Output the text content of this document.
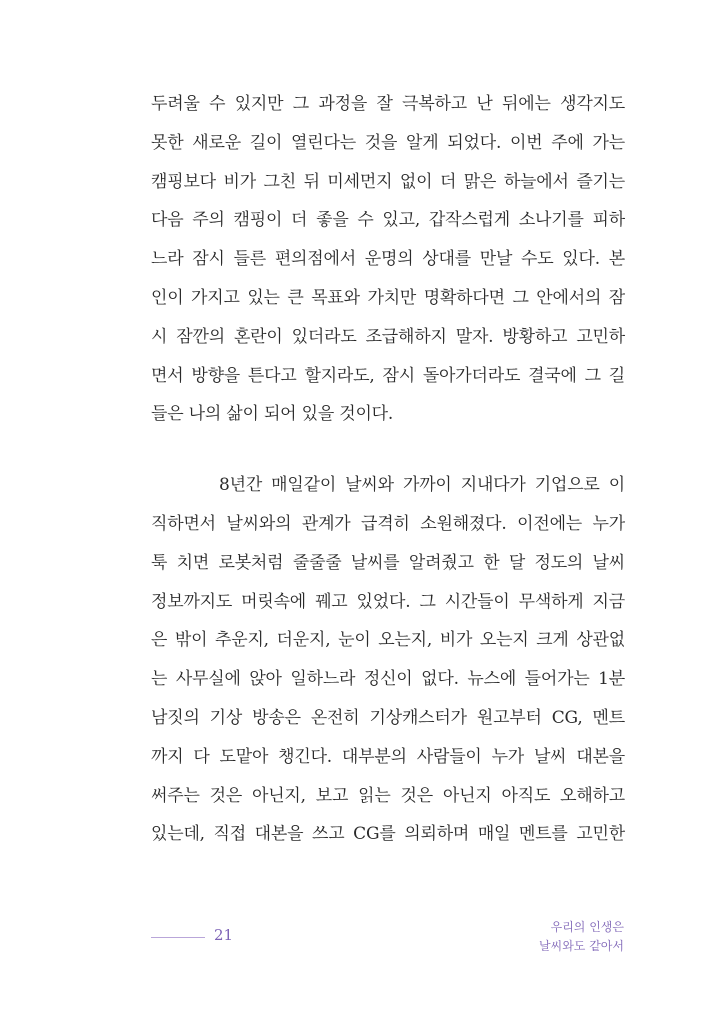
두려울 수 있지만 그 과정을 잘 극복하고 난 뒤에는 생각지도
못한 새로운 길이 열린다는 것을 알게 되었다. 이번 주에 가는
캠핑보다 비가 그친 뒤 미세먼지 없이 더 맑은 하늘에서 즐기는
다음 주의 캠핑이 더 좋을 수 있고, 갑작스럽게 소나기를 피하
느라 잠시 들른 편의점에서 운명의 상대를 만날 수도 있다. 본
인이 가지고 있는 큰 목표와 가치만 명확하다면 그 안에서의 잠
시 잠깐의 혼란이 있더라도 조급해하지 말자. 방황하고 고민하
면서 방향을 튼다고 할지라도, 잠시 돌아가더라도 결국에 그 길
들은 나의 삶이 되어 있을 것이다.
8년간 매일같이 날씨와 가까이 지내다가 기업으로 이
직하면서 날씨와의 관계가 급격히 소원해졌다. 이전에는 누가
툭 치면 로봇처럼 줄줄줄 날씨를 알려줬고 한 달 정도의 날씨
정보까지도 머릿속에 꿰고 있었다. 그 시간들이 무색하게 지금
은 밖이 추운지, 더운지, 눈이 오는지, 비가 오는지 크게 상관없
는 사무실에 앉아 일하느라 정신이 없다. 뉴스에 들어가는 1분
남짓의 기상 방송은 온전히 기상캐스터가 원고부터 CG, 멘트
까지 다 도맡아 챙긴다. 대부분의 사람들이 누가 날씨 대본을
써주는 것은 아닌지, 보고 읽는 것은 아닌지 아직도 오해하고
있는데, 직접 대본을 쓰고 CG를 의뢰하며 매일 멘트를 고민한
21	우리의 인생은
날씨와도 같아서
